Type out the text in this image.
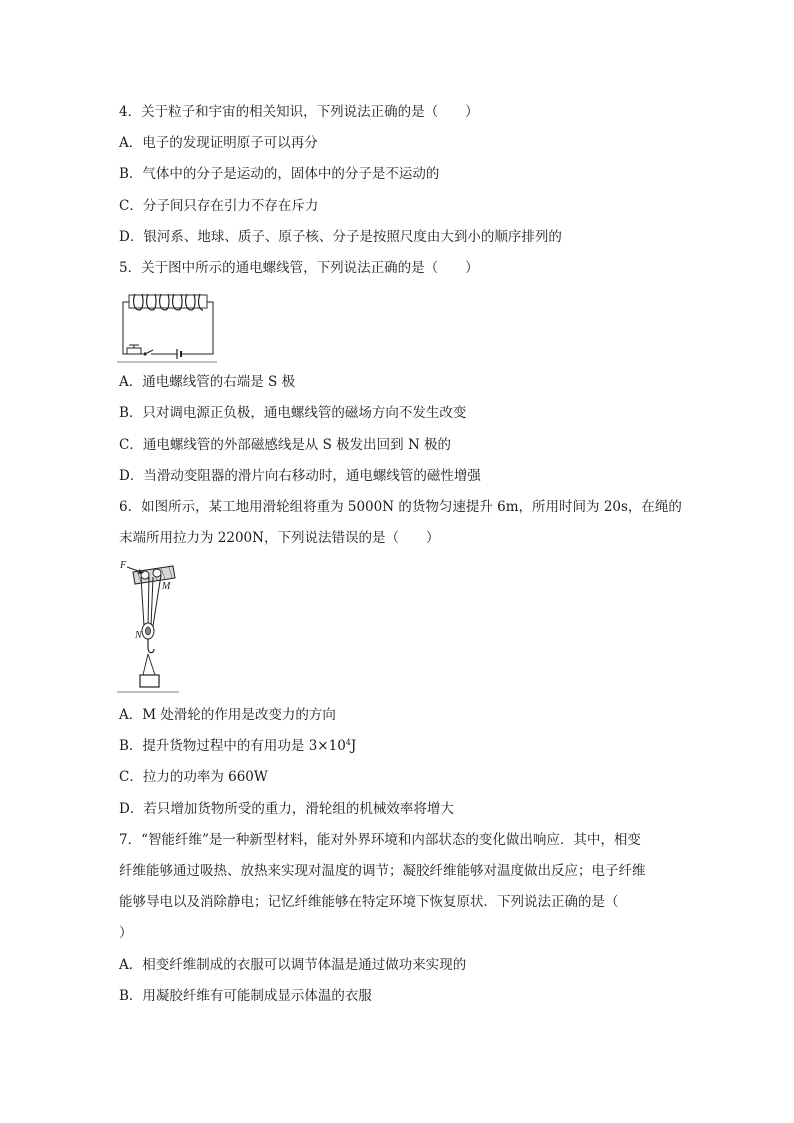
4．关于粒子和宇宙的相关知识，下列说法正确的是（　　）
A．电子的发现证明原子可以再分
B．气体中的分子是运动的，固体中的分子是不运动的
C．分子间只存在引力不存在斥力
D．银河系、地球、质子、原子核、分子是按照尺度由大到小的顺序排列的
5．关于图中所示的通电螺线管，下列说法正确的是（　　）
A．通电螺线管的右端是 S 极
B．只对调电源正负极，通电螺线管的磁场方向不发生改变
C．通电螺线管的外部磁感线是从 S 极发出回到 N 极的
D．当滑动变阻器的滑片向右移动时，通电螺线管的磁性增强
6．如图所示，某工地用滑轮组将重为 5000N 的货物匀速提升 6m，所用时间为 20s，在绳的
末端所用拉力为 2200N，下列说法错误的是（　　）
F
M
N
A．M 处滑轮的作用是改变力的方向
B．提升货物过程中的有用功是 $3\times 10^4J$
C．拉力的功率为 660W
D．若只增加货物所受的重力，滑轮组的机械效率将增大
7．“智能纤维”是一种新型材料，能对外界环境和内部状态的变化做出响应．其中，相变
纤维能够通过吸热、放热来实现对温度的调节；凝胶纤维能够对温度做出反应；电子纤维
能够导电以及消除静电；记忆纤维能够在特定环境下恢复原状．下列说法正确的是（
）
A．相变纤维制成的衣服可以调节体温是通过做功来实现的
B．用凝胶纤维有可能制成显示体温的衣服
